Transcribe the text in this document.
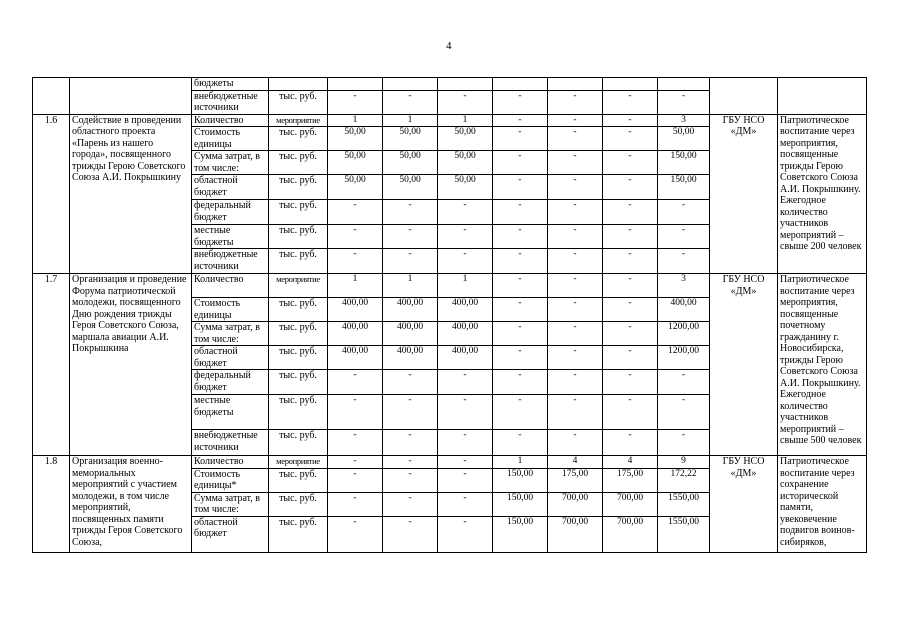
4
		бюджеты										
		внебюджетные источники	тыс. руб.	-	-	-	-	-	-	-		
1.6	Содействие в проведении областного проекта «Парень из нашего города», посвященного трижды Герою Советского Союза А.И. Покрышкину	Количество	мероприятие	1	1	1	-	-	-	3	ГБУ НСО «ДМ»	Патриотическое воспитание через мероприятия, посвященные трижды Герою Советского Союза А.И. Покрышкину. Ежегодное количество участников мероприятий – свыше 200 человек
		Стоимость единицы	тыс. руб.	50,00	50,00	50,00	-	-	-	50,00		
		Сумма затрат, в том числе:	тыс. руб.	50,00	50,00	50,00	-	-	-	150,00		
		областной бюджет	тыс. руб.	50,00	50,00	50,00	-	-	-	150,00		
		федеральный бюджет	тыс. руб.	-	-	-	-	-	-	-		
		местные бюджеты	тыс. руб.	-	-	-	-	-	-	-		
		внебюджетные источники	тыс. руб.	-	-	-	-	-	-	-		
1.7	Организация и проведение Форума патриотической молодежи, посвященного Дню рождения трижды Героя Советского Союза, маршала авиации А.И. Покрышкина	Количество	мероприятие	1	1	1	-	-	-	3	ГБУ НСО «ДМ»	Патриотическое воспитание через мероприятия, посвященные почетному гражданину г. Новосибирска, трижды Герою Советского Союза А.И. Покрышкину. Ежегодное количество участников мероприятий – свыше 500 человек
		Стоимость единицы	тыс. руб.	400,00	400,00	400,00	-	-	-	400,00		
		Сумма затрат, в том числе:	тыс. руб.	400,00	400,00	400,00	-	-	-	1200,00		
		областной бюджет	тыс. руб.	400,00	400,00	400,00	-	-	-	1200,00		
		федеральный бюджет	тыс. руб.	-	-	-	-	-	-	-		
		местные бюджеты	тыс. руб.	-	-	-	-	-	-	-		
		внебюджетные источники	тыс. руб.	-	-	-	-	-	-	-		
1.8	Организация военно-мемориальных мероприятий с участием молодежи, в том числе мероприятий, посвященных памяти трижды Героя Советского Союза,	Количество	мероприятие	-	-	-	1	4	4	9	ГБУ НСО «ДМ»	Патриотическое воспитание через сохранение исторической памяти, увековечение подвигов воинов-сибиряков,
		Стоимость единицы*	тыс. руб.	-	-	-	150,00	175,00	175,00	172,22		
		Сумма затрат, в том числе:	тыс. руб.	-	-	-	150,00	700,00	700,00	1550,00		
		областной бюджет	тыс. руб.	-	-	-	150,00	700,00	700,00	1550,00		
